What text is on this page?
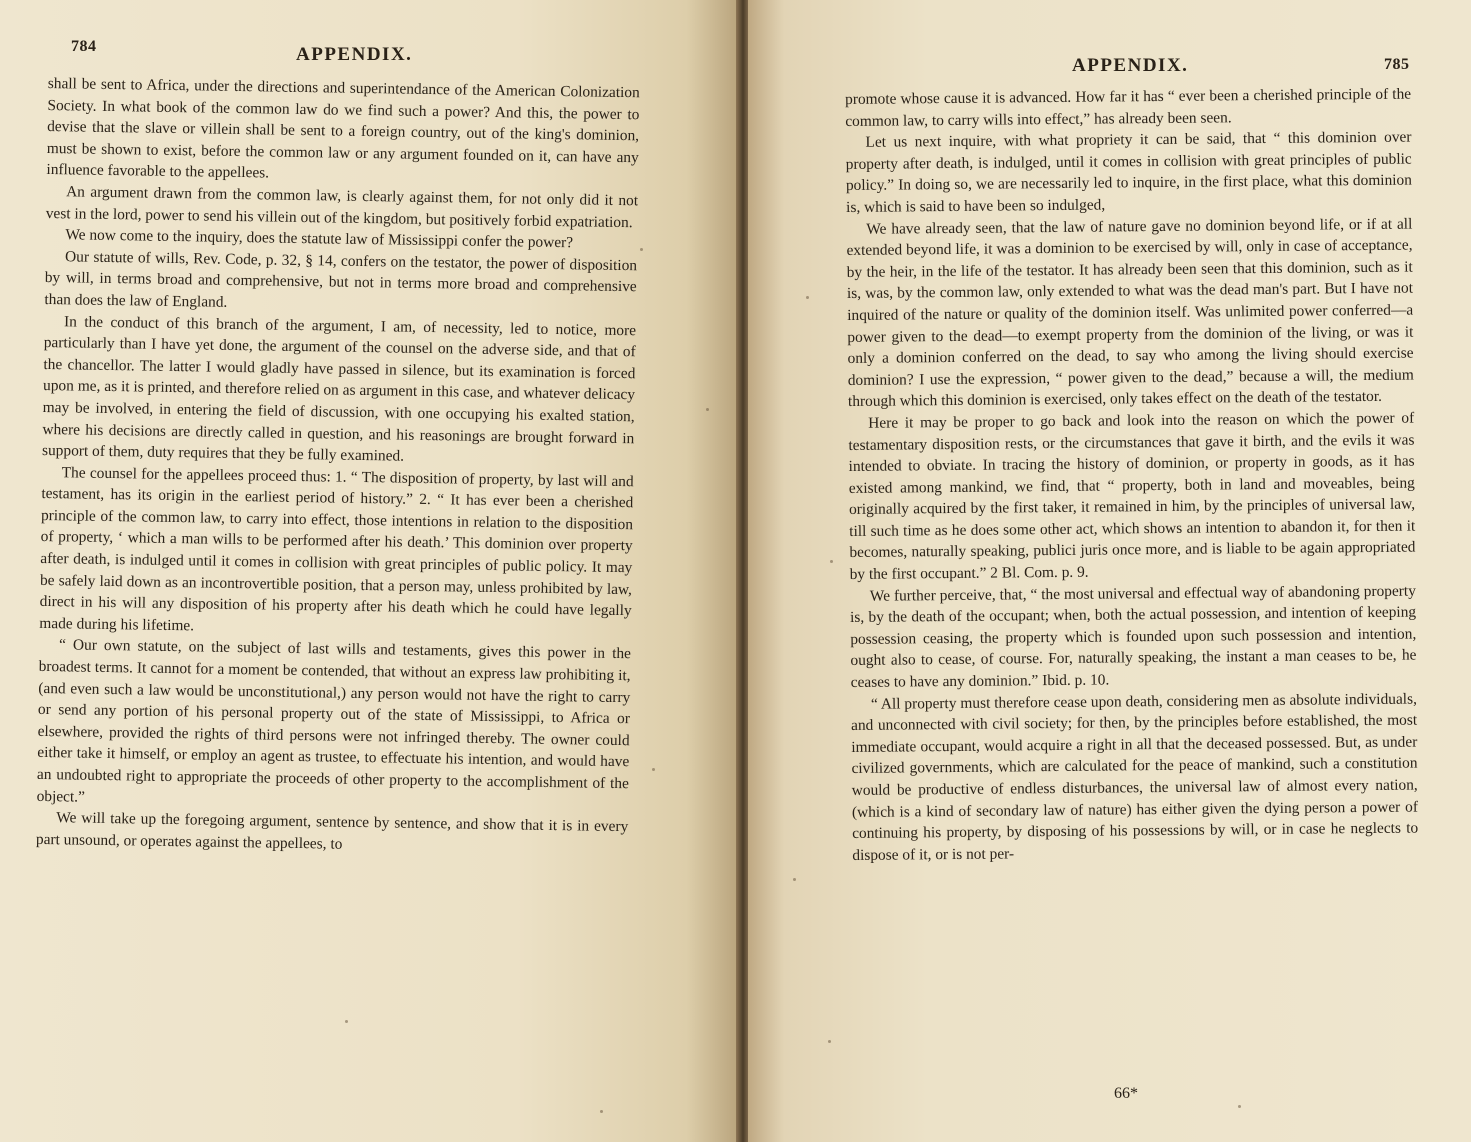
784	APPENDIX.

shall be sent to Africa, under the directions and superintendance of the American Colonization Society. In what book of the common law do we find such a power? And this, the power to devise that the slave or villein shall be sent to a foreign country, out of the king's dominion, must be shown to exist, before the common law or any argument founded on it, can have any influence favorable to the appellees.

An argument drawn from the common law, is clearly against them, for not only did it not vest in the lord, power to send his villein out of the kingdom, but positively forbid expatriation.

We now come to the inquiry, does the statute law of Mississippi confer the power?

Our statute of wills, Rev. Code, p. 32, § 14, confers on the testator, the power of disposition by will, in terms broad and comprehensive, but not in terms more broad and comprehensive than does the law of England.

In the conduct of this branch of the argument, I am, of necessity, led to notice, more particularly than I have yet done, the argument of the counsel on the adverse side, and that of the chancellor. The latter I would gladly have passed in silence, but its examination is forced upon me, as it is printed, and therefore relied on as argument in this case, and whatever delicacy may be involved, in entering the field of discussion, with one occupying his exalted station, where his decisions are directly called in question, and his reasonings are brought forward in support of them, duty requires that they be fully examined.

The counsel for the appellees proceed thus: 1. “ The disposition of property, by last will and testament, has its origin in the earliest period of history.” 2. “ It has ever been a cherished principle of the common law, to carry into effect, those intentions in relation to the disposition of property, ‘ which a man wills to be performed after his death.’ This dominion over property after death, is indulged until it comes in collision with great principles of public policy. It may be safely laid down as an incontrovertible position, that a person may, unless prohibited by law, direct in his will any disposition of his property after his death which he could have legally made during his lifetime.

“ Our own statute, on the subject of last wills and testaments, gives this power in the broadest terms. It cannot for a moment be contended, that without an express law prohibiting it, (and even such a law would be unconstitutional,) any person would not have the right to carry or send any portion of his personal property out of the state of Mississippi, to Africa or elsewhere, provided the rights of third persons were not infringed thereby. The owner could either take it himself, or employ an agent as trustee, to effectuate his intention, and would have an undoubted right to appropriate the proceeds of other property to the accomplishment of the object.”

We will take up the foregoing argument, sentence by sentence, and show that it is in every part unsound, or operates against the appellees, to

APPENDIX.	785

promote whose cause it is advanced. How far it has “ ever been a cherished principle of the common law, to carry wills into effect,” has already been seen.

Let us next inquire, with what propriety it can be said, that “ this dominion over property after death, is indulged, until it comes in collision with great principles of public policy.” In doing so, we are necessarily led to inquire, in the first place, what this dominion is, which is said to have been so indulged,

We have already seen, that the law of nature gave no dominion beyond life, or if at all extended beyond life, it was a dominion to be exercised by will, only in case of acceptance, by the heir, in the life of the testator. It has already been seen that this dominion, such as it is, was, by the common law, only extended to what was the dead man's part. But I have not inquired of the nature or quality of the dominion itself. Was unlimited power conferred—a power given to the dead—to exempt property from the dominion of the living, or was it only a dominion conferred on the dead, to say who among the living should exercise dominion? I use the expression, “ power given to the dead,” because a will, the medium through which this dominion is exercised, only takes effect on the death of the testator.

Here it may be proper to go back and look into the reason on which the power of testamentary disposition rests, or the circumstances that gave it birth, and the evils it was intended to obviate. In tracing the history of dominion, or property in goods, as it has existed among mankind, we find, that “ property, both in land and moveables, being originally acquired by the first taker, it remained in him, by the principles of universal law, till such time as he does some other act, which shows an intention to abandon it, for then it becomes, naturally speaking, publici juris once more, and is liable to be again appropriated by the first occupant.” 2 Bl. Com. p. 9.

We further perceive, that, “ the most universal and effectual way of abandoning property is, by the death of the occupant; when, both the actual possession, and intention of keeping possession ceasing, the property which is founded upon such possession and intention, ought also to cease, of course. For, naturally speaking, the instant a man ceases to be, he ceases to have any dominion.” Ibid. p. 10.

“ All property must therefore cease upon death, considering men as absolute individuals, and unconnected with civil society; for then, by the principles before established, the most immediate occupant, would acquire a right in all that the deceased possessed. But, as under civilized governments, which are calculated for the peace of mankind, such a constitution would be productive of endless disturbances, the universal law of almost every nation, (which is a kind of secondary law of nature) has either given the dying person a power of continuing his property, by disposing of his possessions by will, or in case he neglects to dispose of it, or is not per-

66*
